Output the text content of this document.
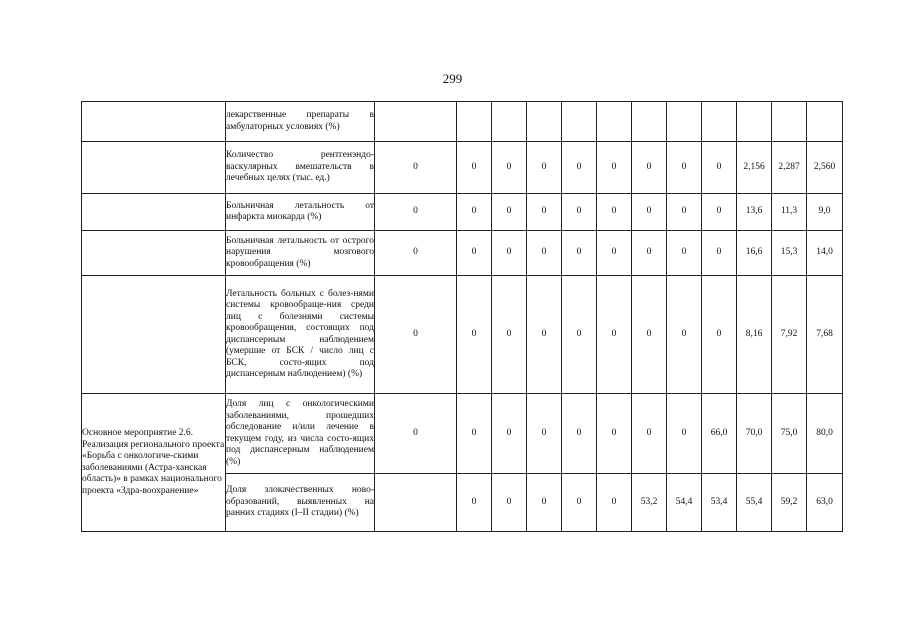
299
	лекарственные препараты в амбулаторных условиях (%)												
	Количество рентгенэндо-васкулярных вмешательств в лечебных целях (тыс. ед.)	0	0	0	0	0	0	0	0	0	2,156	2,287	2,560
	Больничная летальность от инфаркта миокарда (%)	0	0	0	0	0	0	0	0	0	13,6	11,3	9,0
	Больничная летальность от острого нарушения мозгового кровообращения (%)	0	0	0	0	0	0	0	0	0	16,6	15,3	14,0
	Летальность больных с болез-нями системы кровообраще-ния среди лиц с болезнями системы кровообращения, состоящих под диспансерным наблюдением (умершие от БСК / число лиц с БСК, состо-ящих под диспансерным наблюдением) (%)	0	0	0	0	0	0	0	0	0	8,16	7,92	7,68
Основное мероприятие 2.6. Реализация регионального проекта «Борьба с онкологиче-скими заболеваниями (Астра-ханская область)» в рамках национального проекта «Здра-воохранение»	Доля лиц с онкологическими заболеваниями, прошедших обследование и/или лечение в текущем году, из числа состо-ящих под диспансерным наблюдением (%)	0	0	0	0	0	0	0	0	66,0	70,0	75,0	80,0
	Доля злокачественных ново-образований, выявленных на ранних стадиях (I–II стадии) (%)		0	0	0	0	0	53,2	54,4	53,4	55,4	59,2	63,0
